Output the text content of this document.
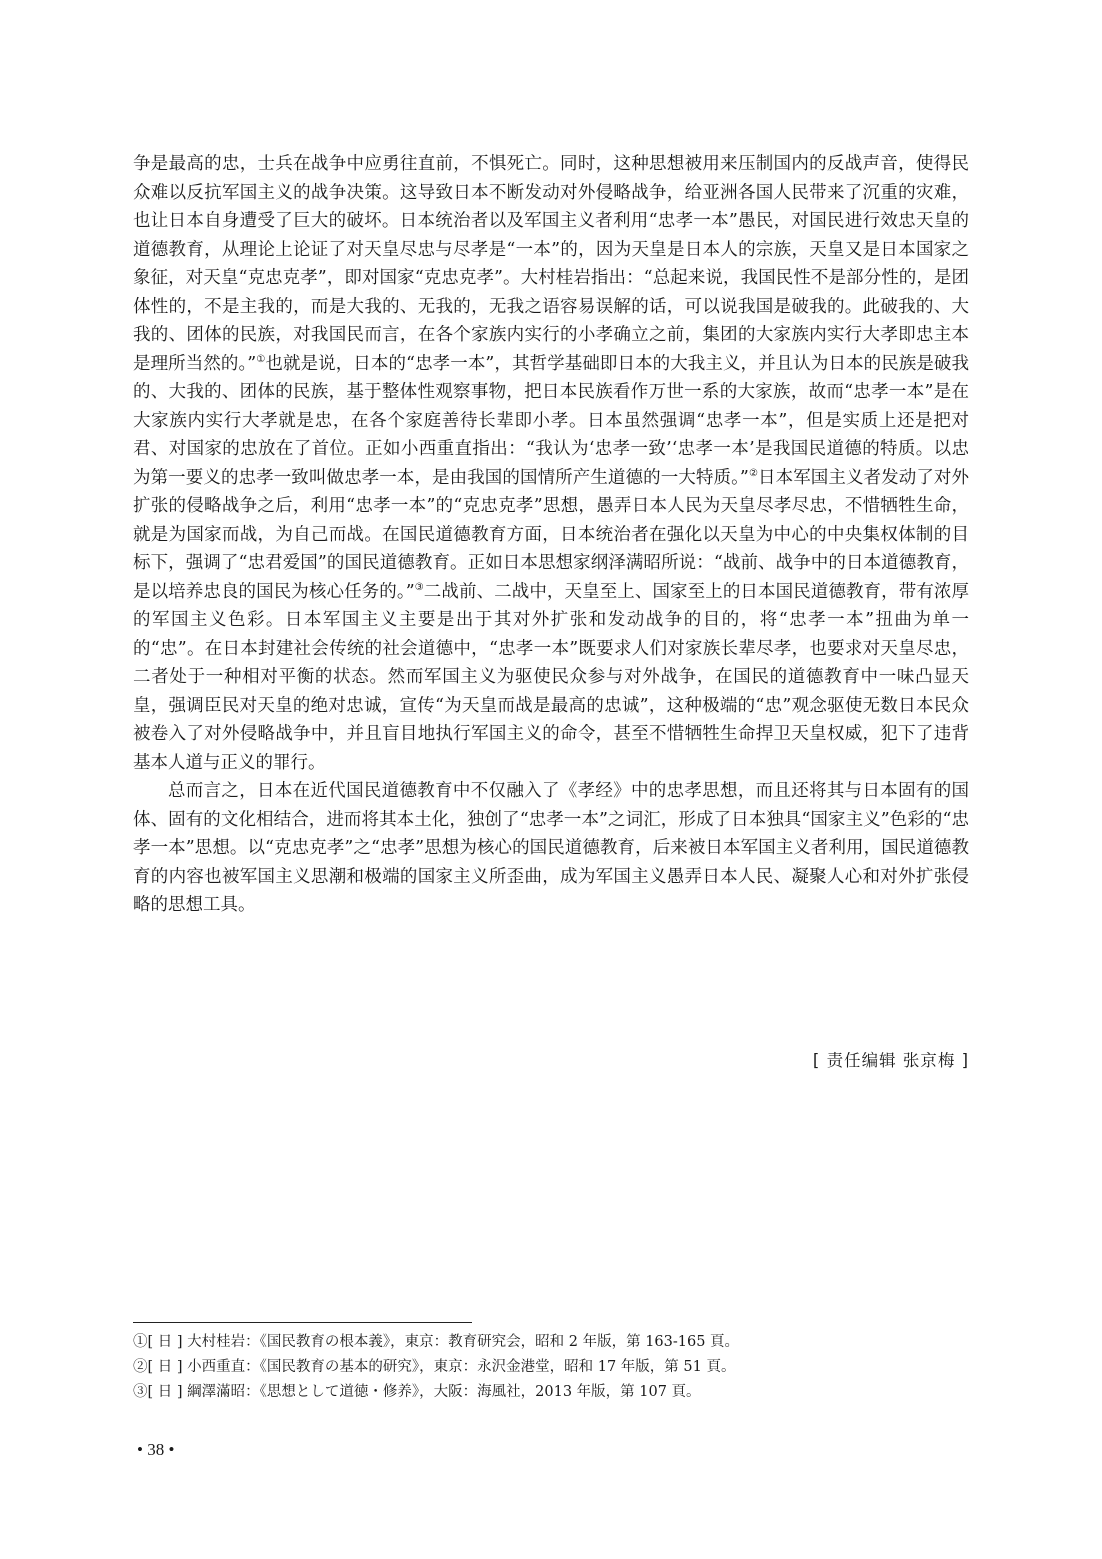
争是最高的忠，士兵在战争中应勇往直前，不惧死亡。同时，这种思想被用来压制国内的反战声音，使得民众难以反抗军国主义的战争决策。这导致日本不断发动对外侵略战争，给亚洲各国人民带来了沉重的灾难，也让日本自身遭受了巨大的破坏。日本统治者以及军国主义者利用“忠孝一本”愚民，对国民进行效忠天皇的道德教育，从理论上论证了对天皇尽忠与尽孝是“一本”的，因为天皇是日本人的宗族，天皇又是日本国家之象征，对天皇“克忠克孝”，即对国家“克忠克孝”。大村桂岩指出：“总起来说，我国民性不是部分性的，是团体性的，不是主我的，而是大我的、无我的，无我之语容易误解的话，可以说我国是破我的。此破我的、大我的、团体的民族，对我国民而言，在各个家族内实行的小孝确立之前，集团的大家族内实行大孝即忠主本是理所当然的。”①也就是说，日本的“忠孝一本”，其哲学基础即日本的大我主义，并且认为日本的民族是破我的、大我的、团体的民族，基于整体性观察事物，把日本民族看作万世一系的大家族，故而“忠孝一本”是在大家族内实行大孝就是忠，在各个家庭善待长辈即小孝。日本虽然强调“忠孝一本”，但是实质上还是把对君、对国家的忠放在了首位。正如小西重直指出：“我认为‘忠孝一致’‘忠孝一本’是我国民道德的特质。以忠为第一要义的忠孝一致叫做忠孝一本，是由我国的国情所产生道德的一大特质。”②日本军国主义者发动了对外扩张的侵略战争之后，利用“忠孝一本”的“克忠克孝”思想，愚弄日本人民为天皇尽孝尽忠，不惜牺牲生命，就是为国家而战，为自己而战。在国民道德教育方面，日本统治者在强化以天皇为中心的中央集权体制的目标下，强调了“忠君爱国”的国民道德教育。正如日本思想家纲泽满昭所说：“战前、战争中的日本道德教育，是以培养忠良的国民为核心任务的。”③二战前、二战中，天皇至上、国家至上的日本国民道德教育，带有浓厚的军国主义色彩。日本军国主义主要是出于其对外扩张和发动战争的目的，将“忠孝一本”扭曲为单一的“忠”。在日本封建社会传统的社会道德中，“忠孝一本”既要求人们对家族长辈尽孝，也要求对天皇尽忠，二者处于一种相对平衡的状态。然而军国主义为驱使民众参与对外战争，在国民的道德教育中一味凸显天皇，强调臣民对天皇的绝对忠诚，宣传“为天皇而战是最高的忠诚”，这种极端的“忠”观念驱使无数日本民众被卷入了对外侵略战争中，并且盲目地执行军国主义的命令，甚至不惜牺牲生命捍卫天皇权威，犯下了违背基本人道与正义的罪行。

总而言之，日本在近代国民道德教育中不仅融入了《孝经》中的忠孝思想，而且还将其与日本固有的国体、固有的文化相结合，进而将其本土化，独创了“忠孝一本”之词汇，形成了日本独具“国家主义”色彩的“忠孝一本”思想。以“克忠克孝”之“忠孝”思想为核心的国民道德教育，后来被日本军国主义者利用，国民道德教育的内容也被军国主义思潮和极端的国家主义所歪曲，成为军国主义愚弄日本人民、凝聚人心和对外扩张侵略的思想工具。

[ 责任编辑 张京梅 ]
①[ 日 ] 大村桂岩：《国民教育の根本義》，東京：教育研究会，昭和 2 年版，第 163-165 頁。
②[ 日 ] 小西重直：《国民教育の基本的研究》，東京：永沢金港堂，昭和 17 年版，第 51 頁。
③[ 日 ] 綱澤滿昭：《思想として道徳・修养》，大阪：海風社，2013 年版，第 107 頁。
• 38 •
